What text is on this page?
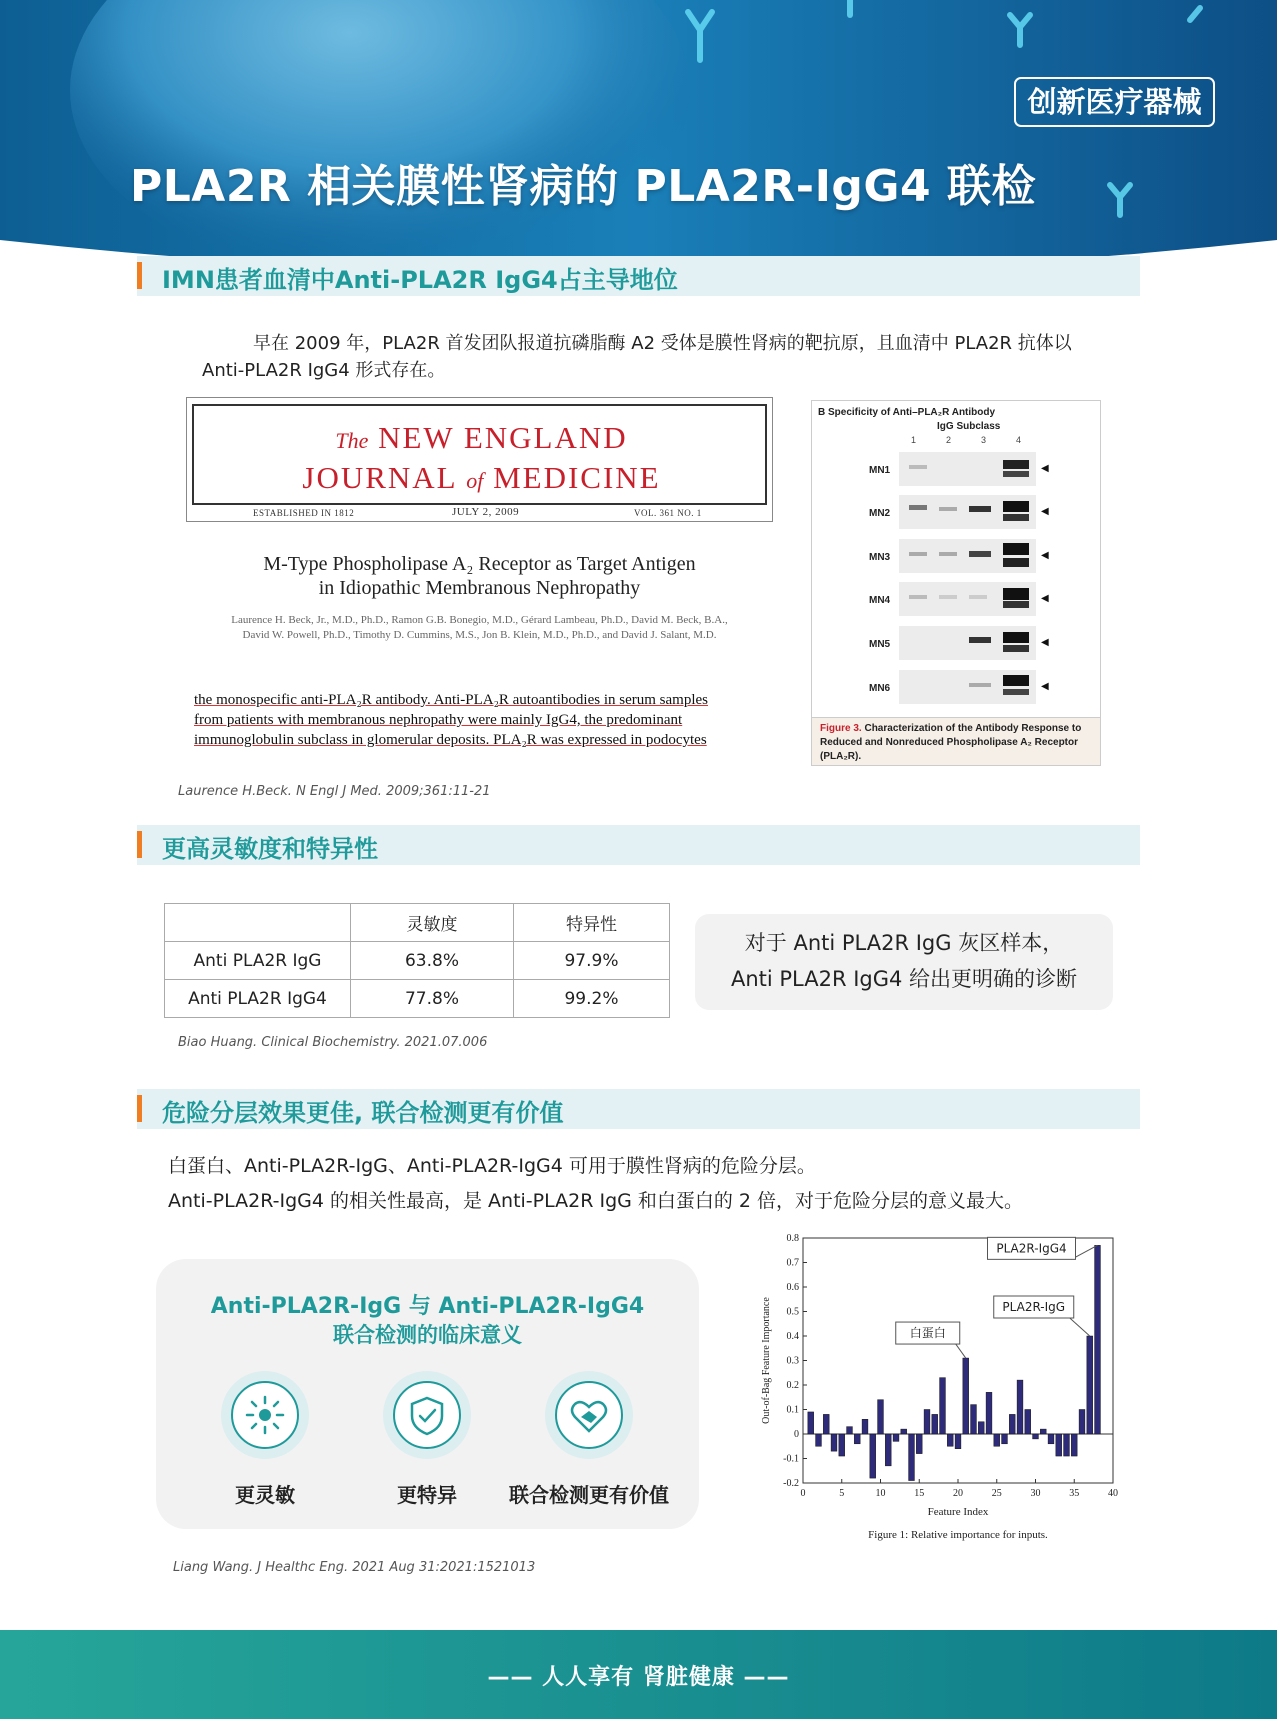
创新医疗器械
PLA2R 相关膜性肾病的 PLA2R-IgG4 联检
IMN患者血清中Anti-PLA2R IgG4占主导地位
早在 2009 年，PLA2R 首发团队报道抗磷脂酶 A2 受体是膜性肾病的靶抗原，且血清中 PLA2R 抗体以
Anti-PLA2R IgG4 形式存在。
The NEW ENGLAND
JOURNAL of MEDICINE
ESTABLISHED IN 1812	JULY 2, 2009	VOL. 361 NO. 1
M-Type Phospholipase A₂ Receptor as Target Antigen
in Idiopathic Membranous Nephropathy
Laurence H. Beck, Jr., M.D., Ph.D., Ramon G.B. Bonegio, M.D., Gérard Lambeau, Ph.D., David M. Beck, B.A.,
David W. Powell, Ph.D., Timothy D. Cummins, M.S., Jon B. Klein, M.D., Ph.D., and David J. Salant, M.D.
the monospecific anti-PLA₂R antibody. Anti-PLA₂R autoantibodies in serum samples
from patients with membranous nephropathy were mainly IgG4, the predominant
immunoglobulin subclass in glomerular deposits. PLA₂R was expressed in podocytes
B Specificity of Anti–PLA₂R Antibody
IgG Subclass
1	2	3	4
MN1	◀
MN2	◀
MN3	◀
MN4	◀
MN5	◀
MN6	◀
Figure 3. Characterization of the Antibody Response to Reduced and Nonreduced Phospholipase A₂ Receptor (PLA₂R).
Laurence H.Beck. N Engl J Med. 2009;361:11-21
更高灵敏度和特异性
	灵敏度	特异性
Anti PLA2R IgG	63.8%	97.9%
Anti PLA2R IgG4	77.8%	99.2%
对于 Anti PLA2R IgG 灰区样本，
Anti PLA2R IgG4 给出更明确的诊断
Biao Huang. Clinical Biochemistry. 2021.07.006
危险分层效果更佳, 联合检测更有价值
白蛋白、Anti-PLA2R-IgG、Anti-PLA2R-IgG4 可用于膜性肾病的危险分层。
Anti-PLA2R-IgG4 的相关性最高，是 Anti-PLA2R IgG 和白蛋白的 2 倍，对于危险分层的意义最大。
Anti-PLA2R-IgG 与 Anti-PLA2R-IgG4
联合检测的临床意义
更灵敏	更特异	联合检测更有价值	-0.2
-0.1
0
0.1
0.2
0.3
0.4
0.5
0.6
0.7
0.8
0	5	10	15	20	25	30	35	40
Feature Index
Out-of-Bag Feature Importance
Figure 1: Relative importance for inputs.
PLA2R-IgG4
PLA2R-IgG
白蛋白
Liang Wang. J Healthc Eng. 2021 Aug 31:2021:1521013
—— 人人享有 肾脏健康 ——
